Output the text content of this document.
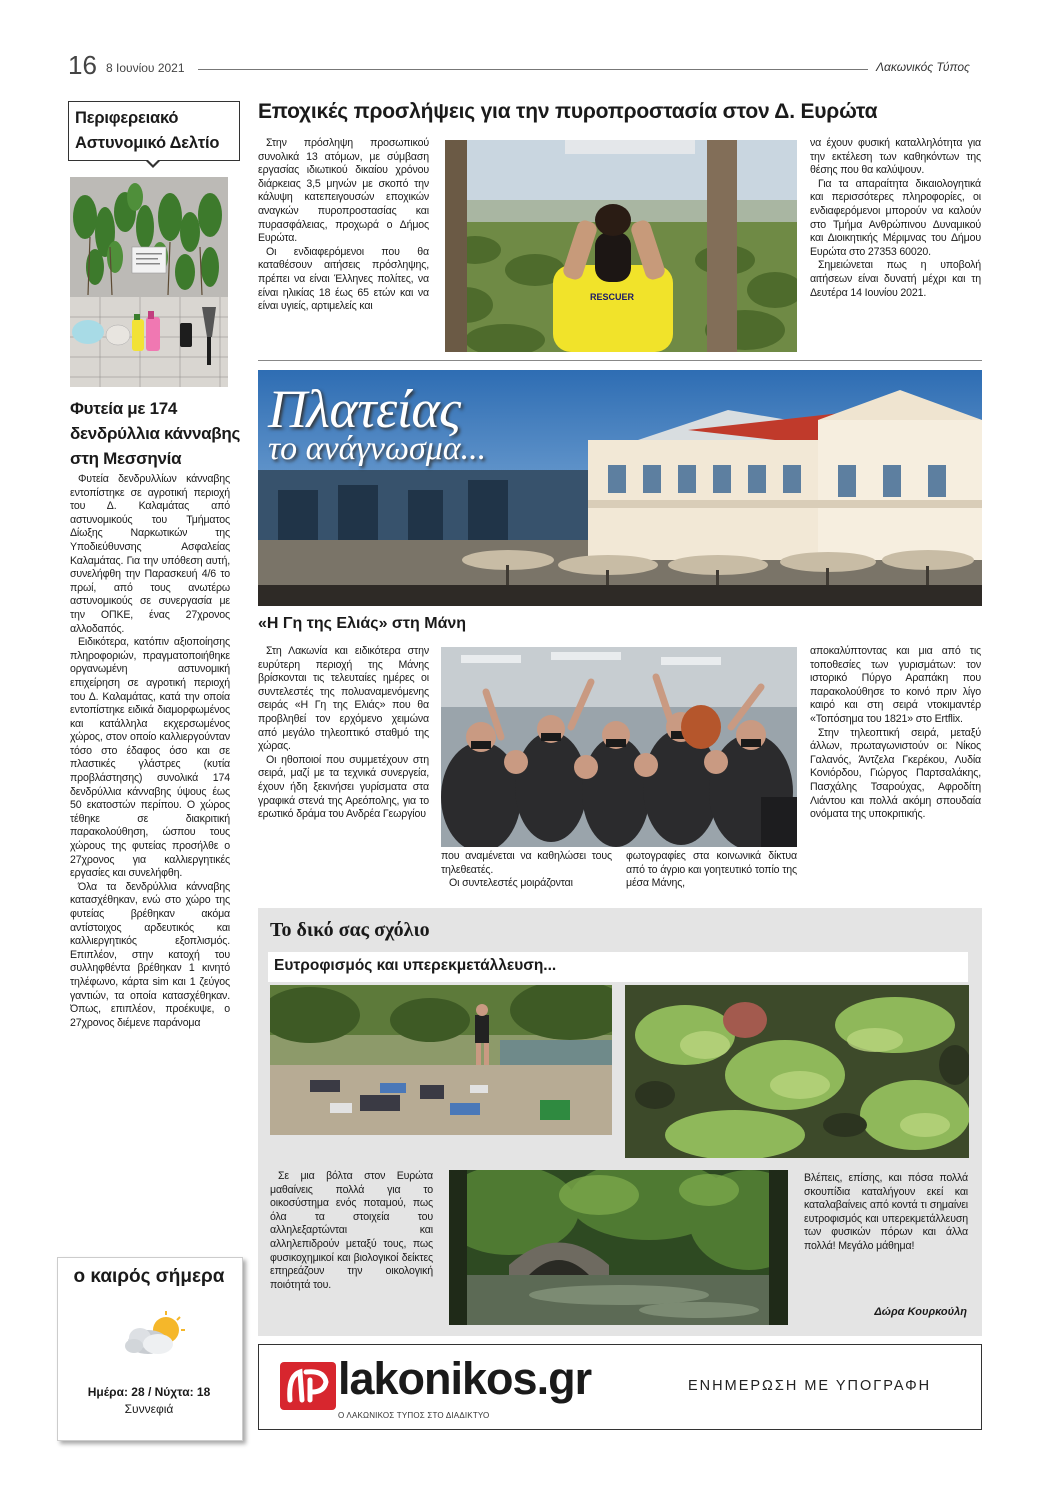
16 8 Ιουνίου 2021	Λακωνικός Τύπος
Περιφερειακό
Αστυνομικό Δελτίο
Φυτεία με 174
δενδρύλλια κάνναβης
στη Μεσσηνία

Φυτεία δενδρυλλίων κάνναβης εντοπίστηκε σε αγροτική περιοχή του Δ. Καλαμάτας από αστυνομικούς του Τμήματος Δίωξης Ναρκωτικών της Υποδιεύθυνσης Ασφαλείας Καλαμάτας. Για την υπόθεση αυτή, συνελήφθη την Παρασκευή 4/6 το πρωί, από τους ανωτέρω αστυνομικούς σε συνεργασία με την ΟΠΚΕ, ένας 27χρονος αλλοδαπός.

Ειδικότερα, κατόπιν αξιοποίησης πληροφοριών, πραγματοποιήθηκε οργανωμένη αστυνομική επιχείρηση σε αγροτική περιοχή του Δ. Καλαμάτας, κατά την οποία εντοπίστηκε ειδικά διαμορφωμένος και κατάλληλα εκχερσωμένος χώρος, στον οποίο καλλιεργούνταν τόσο στο έδαφος όσο και σε πλαστικές γλάστρες (κυτία προβλάστησης) συνολικά 174 δενδρύλλια κάνναβης ύψους έως 50 εκατοστών περίπου. Ο χώρος τέθηκε σε διακριτική παρακολούθηση, ώσπου τους χώρους της φυτείας προσήλθε ο 27χρονος για καλλιεργητικές εργασίες και συνελήφθη.

Όλα τα δενδρύλλια κάνναβης κατασχέθηκαν, ενώ στο χώρο της φυτείας βρέθηκαν ακόμα αντίστοιχος αρδευτικός και καλλιεργητικός εξοπλισμός. Επιπλέον, στην κατοχή του συλληφθέντα βρέθηκαν 1 κινητό τηλέφωνο, κάρτα sim και 1 ζεύγος γαντιών, τα οποία κατασχέθηκαν. Όπως, επιπλέον, προέκυψε, ο 27χρονος διέμενε παράνομα

ο καιρός σήμερα
Ημέρα: 28 / Νύχτα: 18
Συννεφιά
Εποχικές προσλήψεις για την πυροπροστασία στον Δ. Ευρώτα

Στην πρόσληψη προσωπικού συνολικά 13 ατόμων, με σύμβαση εργασίας ιδιωτικού δικαίου χρόνου διάρκειας 3,5 μηνών με σκοπό την κάλυψη κατεπειγουσών εποχικών αναγκών πυροπροστασίας και πυρασφάλειας, προχωρά ο Δήμος Ευρώτα.

Οι ενδιαφερόμενοι που θα καταθέσουν αιτήσεις πρόσληψης, πρέπει να είναι Έλληνες πολίτες, να είναι ηλικίας 18 έως 65 ετών και να είναι υγιείς, αρτιμελείς και

RESCUER

να έχουν φυσική καταλληλότητα για την εκτέλεση των καθηκόντων της θέσης που θα καλύψουν.

Για τα απαραίτητα δικαιολογητικά και περισσότερες πληροφορίες, οι ενδιαφερόμενοι μπορούν να καλούν στο Τμήμα Ανθρώπινου Δυναμικού και Διοικητικής Μέριμνας του Δήμου Ευρώτα στο 27353 60020.

Σημειώνεται πως η υποβολή αιτήσεων είναι δυνατή μέχρι και τη Δευτέρα 14 Ιουνίου 2021.

Πλατείας
το ανάγνωσμα...
«Η Γη της Ελιάς» στη Μάνη

Στη Λακωνία και ειδικότερα στην ευρύτερη περιοχή της Μάνης βρίσκονται τις τελευταίες ημέρες οι συντελεστές της πολυαναμενόμενης σειράς «Η Γη της Ελιάς» που θα προβληθεί τον ερχόμενο χειμώνα από μεγάλο τηλεοπτικό σταθμό της χώρας.

Οι ηθοποιοί που συμμετέχουν στη σειρά, μαζί με τα τεχνικά συνεργεία, έχουν ήδη ξεκινήσει γυρίσματα στα γραφικά στενά της Αρεόπολης, για το ερωτικό δράμα του Ανδρέα Γεωργίου

που αναμένεται να καθηλώσει τους τηλεθεατές.

Οι συντελεστές μοιράζονται

φωτογραφίες στα κοινωνικά δίκτυα από το άγριο και γοητευτικό τοπίο της μέσα Μάνης,

αποκαλύπτοντας και μια από τις τοποθεσίες των γυρισμάτων: τον ιστορικό Πύργο Αραπάκη που παρακολούθησε το κοινό πριν λίγο καιρό και στη σειρά ντοκιμαντέρ «Τοπόσημα του 1821» στο Ertflix.

Στην τηλεοπτική σειρά, μεταξύ άλλων, πρωταγωνιστούν οι: Νίκος Γαλανός, Άντζελα Γκερέκου, Λυδία Κονιόρδου, Γιώργος Παρτσαλάκης, Πασχάλης Τσαρούχας, Αφροδίτη Λιάντου και πολλά ακόμη σπουδαία ονόματα της υποκριτικής.

Το δικό σας σχόλιο
Ευτροφισμός και υπερεκμετάλλευση...

Σε μια βόλτα στον Ευρώτα μαθαίνεις πολλά για το οικοσύστημα ενός ποταμού, πως όλα τα στοιχεία του αλληλεξαρτώνται και αλληλεπιδρούν μεταξύ τους, πως φυσικοχημικοί και βιολογικοί δείκτες επηρεάζουν την οικολογική ποιότητά του.

Βλέπεις, επίσης, και πόσα πολλά σκουπίδια καταλήγουν εκεί και καταλαβαίνεις από κοντά τι σημαίνει ευτροφισμός και υπερεκμετάλλευση των φυσικών πόρων και άλλα πολλά! Μεγάλο μάθημα!

Δώρα Κουρκούλη
lakonikos.gr
Ο ΛΑΚΩΝΙΚΟΣ ΤΥΠΟΣ ΣΤΟ ΔΙΑΔΙΚΤΥΟ
ΕΝΗΜΕΡΩΣΗ ΜΕ ΥΠΟΓΡΑΦΗ
